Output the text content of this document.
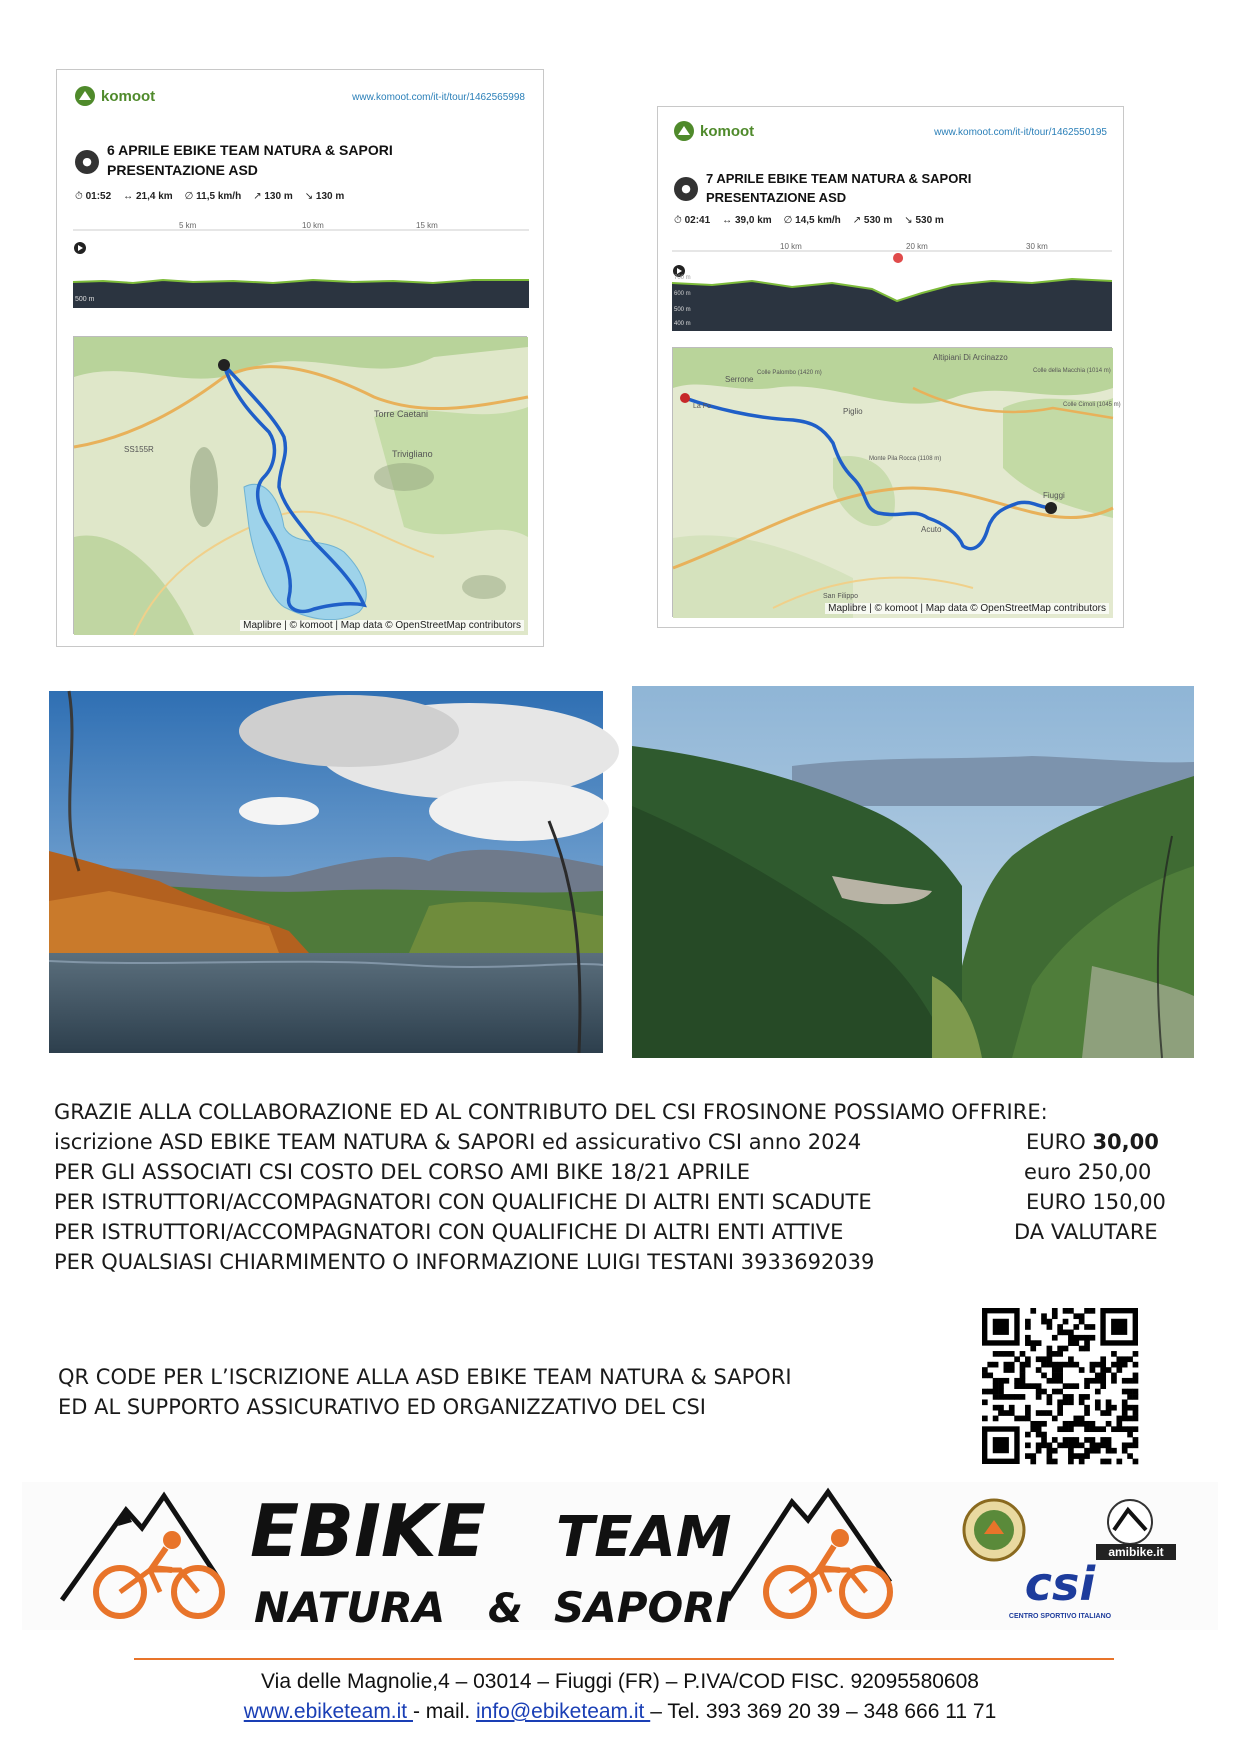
komoot	www.komoot.com/it-it/tour/1462565998
●
6 APRILE EBIKE TEAM NATURA & SAPORI
PRESENTAZIONE ASD
⏱ 01:52 ↔ 21,4 km ∅ 11,5 km/h ↗ 130 m ↘ 130 m
5 km	10 km	15 km
500 m
Torre Caetani
Trivigliano
SS155R
Maplibre | © komoot | Map data © OpenStreetMap contributors
komoot	www.komoot.com/it-it/tour/1462550195
●
7 APRILE EBIKE TEAM NATURA & SAPORI
PRESENTAZIONE ASD
⏱ 02:41 ↔ 39,0 km ∅ 14,5 km/h ↗ 530 m ↘ 530 m
10 km	20 km	30 km
700 m
600 m
500 m
400 m
Altipiani Di Arcinazzo
Serrone
Colle della Macchia (1014 m)
Colle Cimoli (1045 m)
Colle Palombo (1420 m)
Piglio
Monte Pila Rocca (1108 m)
Acuto
Fiuggi
San Filippo
La Fo
Maplibre | © komoot | Map data © OpenStreetMap contributors
GRAZIE ALLA COLLABORAZIONE ED AL CONTRIBUTO DEL CSI FROSINONE POSSIAMO OFFRIRE:
iscrizione ASD EBIKE TEAM NATURA & SAPORI ed assicurativo CSI anno 2024	EURO 30,00
PER GLI ASSOCIATI CSI COSTO DEL CORSO AMI BIKE 18/21 APRILE	euro 250,00
PER ISTRUTTORI/ACCOMPAGNATORI CON QUALIFICHE DI ALTRI ENTI SCADUTE	EURO 150,00
PER ISTRUTTORI/ACCOMPAGNATORI CON QUALIFICHE DI ALTRI ENTI ATTIVE	DA VALUTARE
PER QUALSIASI CHIARMIMENTO O INFORMAZIONE LUIGI TESTANI 3933692039
QR CODE PER L’ISCRIZIONE ALLA ASD EBIKE TEAM NATURA & SAPORI
ED AL SUPPORTO ASSICURATIVO ED ORGANIZZATIVO DEL CSI
EBIKE TEAM
NATURA & SAPORI
amibike.it
csi
CENTRO SPORTIVO ITALIANO
Via delle Magnolie,4 – 03014 – Fiuggi (FR) – P.IVA/COD FISC. 92095580608
www.ebiketeam.it - mail. info@ebiketeam.it – Tel. 393 369 20 39 – 348 666 11 71
